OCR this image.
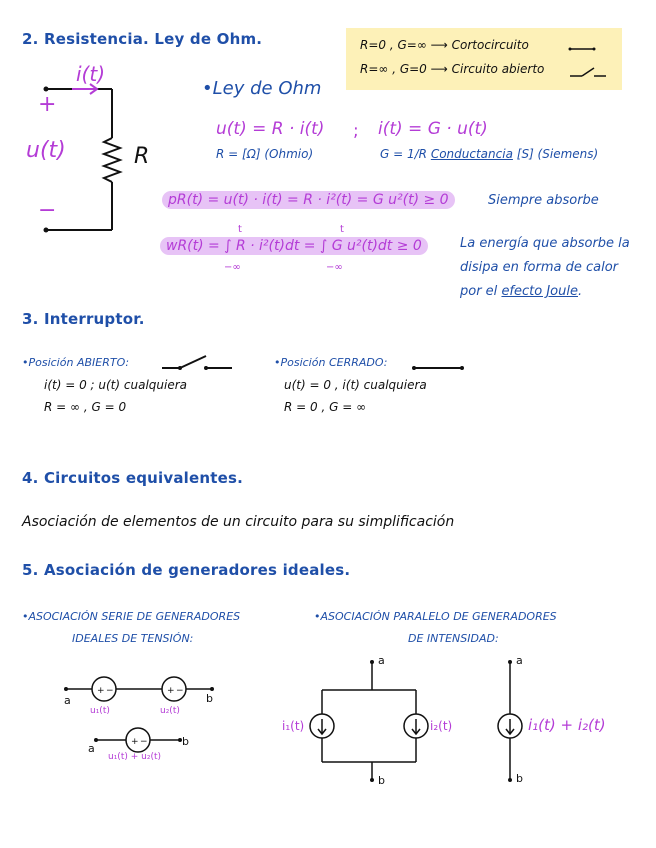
2. Resistencia. Ley de Ohm.
i(t)
+
u(t)
−
R
R=0 , G=∞ ⟶ Cortocircuito
R=∞ , G=0 ⟶ Circuito abierto
•Ley de Ohm
u(t) = R · i(t) ; i(t) = G · u(t)
R = [Ω] (Ohmio)	G = 1/R Conductancia [S] (Siemens)
pR(t) = u(t) · i(t) = R · i²(t) = G u²(t) ≥ 0	Siempre absorbe
wR(t) = ∫ R · i²(t)dt = ∫ G u²(t)dt ≥ 0
t
−∞
t
−∞
La energía que absorbe la
disipa en forma de calor
por el efecto Joule.
3. Interruptor.
•Posición ABIERTO:
i(t) = 0 ; u(t) cualquiera
R = ∞ , G = 0
•Posición CERRADO:
u(t) = 0 , i(t) cualquiera
R = 0 , G = ∞
4. Circuitos equivalentes.
Asociación de elementos de un circuito para su simplificación
5. Asociación de generadores ideales.
•ASOCIACIÓN SERIE DE GENERADORES
IDEALES DE TENSIÓN:
•ASOCIACIÓN PARALELO DE GENERADORES
DE INTENSIDAD:
+ −	+ −
+ −
a	b
u₁(t)	u₂(t)
a
b
u₁(t) + u₂(t)
a
b
i₁(t)	i₂(t)
a
b
i₁(t) + i₂(t)
